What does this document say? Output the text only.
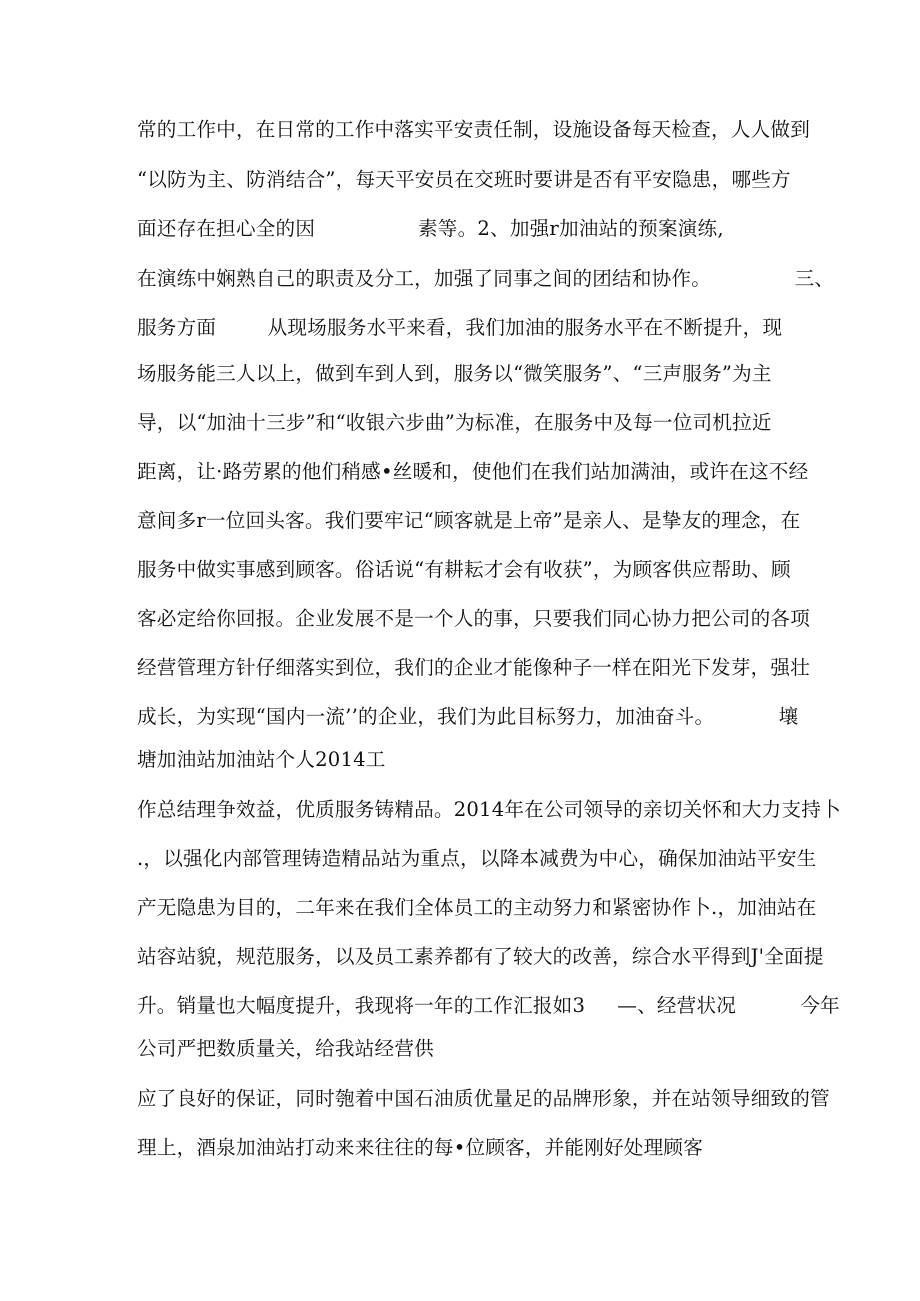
常的工作中，在日常的工作中落实平安责任制，设施设备每天检查，人人做到
“以防为主、防消结合”，每天平安员在交班时要讲是否有平安隐患，哪些方
面还存在担心全的因                素等。2、加强r加油站的预案演练,
在演练中娴熟自己的职责及分工，加强了同事之间的团结和协作。             三、
服务方面        从现场服务水平来看，我们加油的服务水平在不断提升，现
场服务能三人以上，做到车到人到，服务以“微笑服务”、“三声服务”为主
导，以“加油十三步”和“收银六步曲”为标准，在服务中及每一位司机拉近
距离，让·路劳累的他们稍感•丝暖和，使他们在我们站加满油，或许在这不经
意间多r一位回头客。我们要牢记“顾客就是上帝”是亲人、是挚友的理念，在
服务中做实事感到顾客。俗话说“有耕耘才会有收获”，为顾客供应帮助、顾
客必定给你回报。企业发展不是一个人的事，只要我们同心协力把公司的各项
经营管理方针仔细落实到位，我们的企业才能像种子一样在阳光下发芽，强壮
成长，为实现“国内一流’’的企业，我们为此目标努力，加油奋斗。          壤
塘加油站加油站个人2014工
作总结理争效益，优质服务铸精品。2014年在公司领导的亲切关怀和大力支持卜
.，以强化内部管理铸造精品站为重点，以降本减费为中心，确保加油站平安生
产无隐患为目的，二年来在我们全体员工的主动努力和紧密协作卜.，加油站在
站容站貌，规范服务，以及员工素养都有了较大的改善，综合水平得到J'全面提
升。销量也大幅度提升，我现将一年的工作汇报如3     —、经营状况          今年
公司严把数质量关，给我站经营供
应了良好的保证，同时匏着中国石油质优量足的品牌形象，并在站领导细致的管
理上，酒泉加油站打动来来往往的每•位顾客，并能刚好处理顾客
